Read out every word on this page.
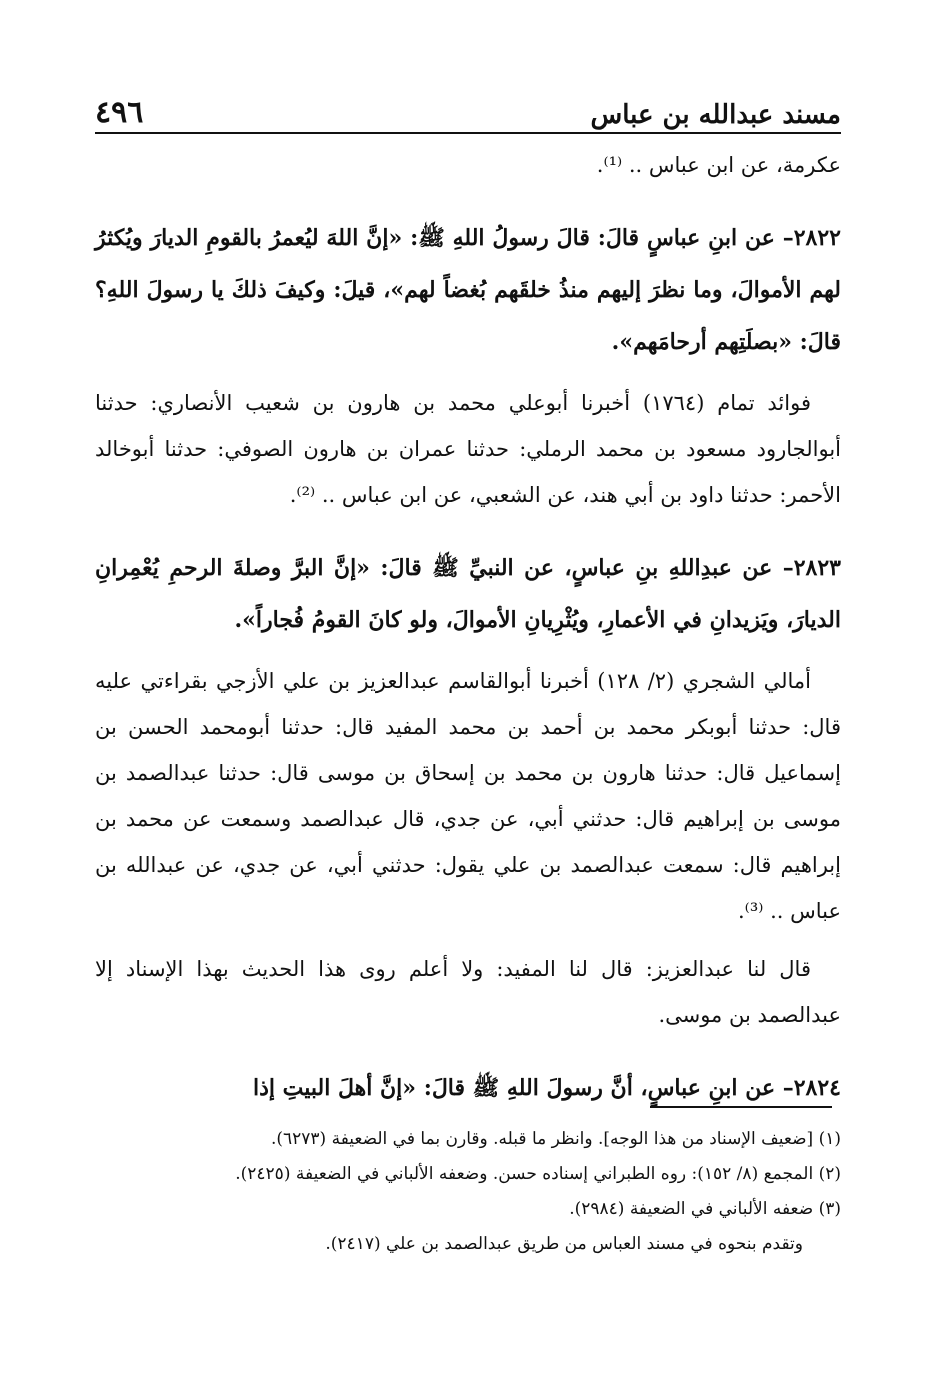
مسند عبدالله بن عباس
٤٩٦

عكرمة، عن ابن عباس .. ⁽¹⁾.

٢٨٢٢– عن ابنِ عباسٍ قالَ: قالَ رسولُ اللهِ ﷺ: «إنَّ اللهَ ليُعمرُ بالقومِ الديارَ ويُكثرُ لهم الأموالَ، وما نظرَ إليهم منذُ خلقَهم بُغضاً لهم»، قيلَ: وكيفَ ذلكَ يا رسولَ اللهِ؟ قالَ: «بصلَتِهم أرحامَهم».

فوائد تمام (١٧٦٤) أخبرنا أبوعلي محمد بن هارون بن شعيب الأنصاري: حدثنا أبوالجارود مسعود بن محمد الرملي: حدثنا عمران بن هارون الصوفي: حدثنا أبوخالد الأحمر: حدثنا داود بن أبي هند، عن الشعبي، عن ابن عباس .. ⁽²⁾.

٢٨٢٣– عن عبدِاللهِ بنِ عباسٍ، عن النبيِّ ﷺ قالَ: «إنَّ البرَّ وصلةَ الرحمِ يُعْمِرانِ الديارَ، ويَزيدانِ في الأعمارِ، ويُثْرِيانِ الأموالَ، ولو كانَ القومُ فُجاراً».

أمالي الشجري (٢/ ١٢٨) أخبرنا أبوالقاسم عبدالعزيز بن علي الأزجي بقراءتي عليه قال: حدثنا أبوبكر محمد بن أحمد بن محمد المفيد قال: حدثنا أبومحمد الحسن بن إسماعيل قال: حدثنا هارون بن محمد بن إسحاق بن موسى قال: حدثنا عبدالصمد بن موسى بن إبراهيم قال: حدثني أبي، عن جدي، قال عبدالصمد وسمعت عن محمد بن إبراهيم قال: سمعت عبدالصمد بن علي يقول: حدثني أبي، عن جدي، عن عبدالله بن عباس .. ⁽³⁾.

قال لنا عبدالعزيز: قال لنا المفيد: ولا أعلم روى هذا الحديث بهذا الإسناد إلا عبدالصمد بن موسى.

٢٨٢٤– عن ابنِ عباسٍ، أنَّ رسولَ اللهِ ﷺ قالَ: «إنَّ أهلَ البيتِ إذا

(١) [ضعيف الإسناد من هذا الوجه]. وانظر ما قبله. وقارن بما في الضعيفة (٦٢٧٣).

(٢) المجمع (٨/ ١٥٢): روه الطبراني إسناده حسن. وضعفه الألباني في الضعيفة (٢٤٢٥).

(٣) ضعفه الألباني في الضعيفة (٢٩٨٤).

وتقدم بنحوه في مسند العباس من طريق عبدالصمد بن علي (٢٤١٧).
